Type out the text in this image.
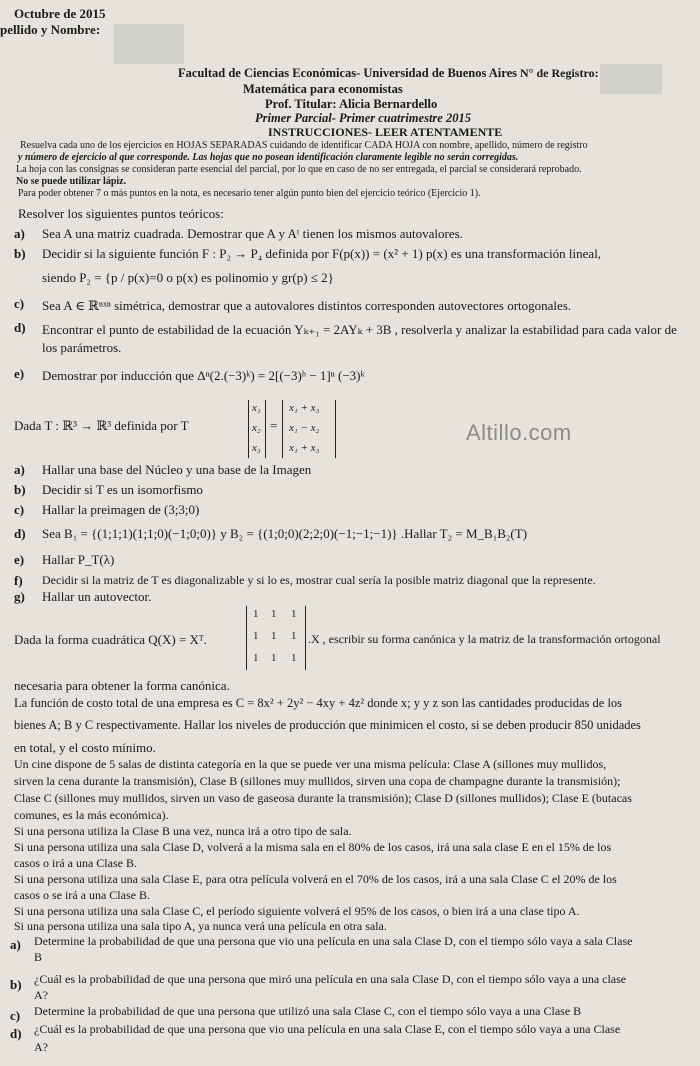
Octubre de 2015
pellido y Nombre:
N° de Registro:
Facultad de Ciencias Económicas- Universidad de Buenos Aires
Matemática para economistas
Prof. Titular: Alicia Bernardello
Primer Parcial- Primer cuatrimestre 2015
INSTRUCCIONES- LEER ATENTAMENTE
Resuelva cada uno de los ejercicios en HOJAS SEPARADAS cuidando de identificar CADA HOJA con nombre, apellido, número de registro
y número de ejercicio al que corresponde. Las hojas que no posean identificación claramente legible no serán corregidas.
La hoja con las consignas se consideran parte esencial del parcial, por lo que en caso de no ser entregada, el parcial se considerará reprobado.
No se puede utilizar lápiz.
Para poder obtener 7 o más puntos en la nota, es necesario tener algún punto bien del ejercicio teórico (Ejercicio 1).
Resolver los siguientes puntos teóricos:
a) Sea A una matriz cuadrada. Demostrar que A y Aᵗ tienen los mismos autovalores.
b) Decidir si la siguiente función F : P₂ → P₄ definida por F(p(x)) = (x² + 1) p(x) es una transformación lineal,
siendo P₂ = {p / p(x)=0 o p(x) es polinomio y gr(p) ≤ 2}
c) Sea A ∈ ℝⁿˣⁿ simétrica, demostrar que a autovalores distintos corresponden autovectores ortogonales.
d) Encontrar el punto de estabilidad de la ecuación Yₖ₊₁ = 2AYₖ + 3B , resolverla y analizar la estabilidad para cada valor de
los parámetros.
e) Demostrar por inducción que Δⁿ(2.(−3)ᵏ) = 2[(−3)ʰ − 1]ⁿ (−3)ᵏ
Dada T : ℝ³ → ℝ³ definida por T
x₁
x₂
x₃
=
x₁ + x₃
x₁ − x₂
x₁ + x₃
Altillo.com
a) Hallar una base del Núcleo y una base de la Imagen
b) Decidir si T es un isomorfismo
c) Hallar la preimagen de (3;3;0)
d) Sea B₁ = {(1;1;1)(1;1;0)(−1;0;0)} y B₂ = {(1;0;0)(2;2;0)(−1;−1;−1)} .Hallar T₂ = M_B₁B₂(T)
e) Hallar P_T(λ)
f) Decidir si la matriz de T es diagonalizable y si lo es, mostrar cual sería la posible matriz diagonal que la represente.
g) Hallar un autovector.
Dada la forma cuadrática Q(X) = Xᵀ.
1 1 1
1 1 1
1 1 1
.X , escribir su forma canónica y la matriz de la transformación ortogonal
necesaria para obtener la forma canónica.
La función de costo total de una empresa es C = 8x² + 2y² − 4xy + 4z² donde x; y y z son las cantidades producidas de los
bienes A; B y C respectivamente. Hallar los niveles de producción que minimicen el costo, si se deben producir 850 unidades
en total, y el costo mínimo.
Un cine dispone de 5 salas de distinta categoría en la que se puede ver una misma película: Clase A (sillones muy mullidos,
sirven la cena durante la transmisión), Clase B (sillones muy mullidos, sirven una copa de champagne durante la transmisión);
Clase C (sillones muy mullidos, sirven un vaso de gaseosa durante la transmisión); Clase D (sillones mullidos); Clase E (butacas
comunes, es la más económica).
Si una persona utiliza la Clase B una vez, nunca irá a otro tipo de sala.
Si una persona utiliza una sala Clase D, volverá a la misma sala en el 80% de los casos, irá una sala clase E en el 15% de los
casos o irá a una Clase B.
Si una persona utiliza una sala Clase E, para otra película volverá en el 70% de los casos, irá a una sala Clase C el 20% de los
casos o se irá a una Clase B.
Si una persona utiliza una sala Clase C, el período siguiente volverá el 95% de los casos, o bien irá a una clase tipo A.
Si una persona utiliza una sala tipo A, ya nunca verá una película en otra sala.
a) Determine la probabilidad de que una persona que vio una película en una sala Clase D, con el tiempo sólo vaya a sala Clase
B
b) ¿Cuál es la probabilidad de que una persona que miró una película en una sala Clase D, con el tiempo sólo vaya a una clase
A?
c) Determine la probabilidad de que una persona que utilizó una sala Clase C, con el tiempo sólo vaya a una Clase B
d) ¿Cuál es la probabilidad de que una persona que vio una película en una sala Clase E, con el tiempo sólo vaya a una Clase
A?
